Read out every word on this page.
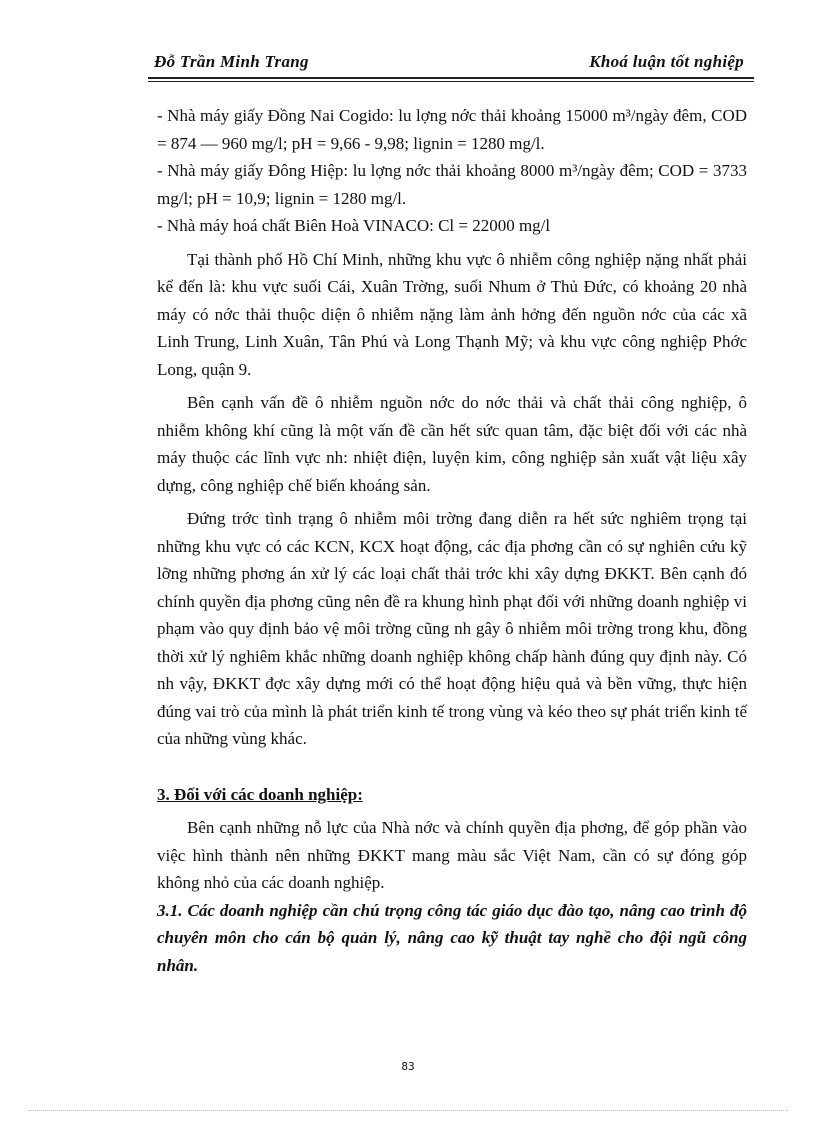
Đỗ Trần Minh Trang	Khoá luận tốt nghiệp

- Nhà máy giấy Đồng Nai Cogido: lu lợng nớc thải khoảng 15000 m³/ngày đêm, COD = 874 — 960 mg/l; pH = 9,66 - 9,98; lignin = 1280 mg/l.

- Nhà máy giấy Đông Hiệp: lu lợng nớc thải khoảng 8000 m³/ngày đêm; COD = 3733 mg/l; pH = 10,9; lignin = 1280 mg/l.

- Nhà máy hoá chất Biên Hoà VINACO: Cl = 22000 mg/l

Tại thành phố Hồ Chí Minh, những khu vực ô nhiễm công nghiệp nặng nhất phải kể đến là: khu vực suối Cái, Xuân Trờng, suối Nhum ở Thủ Đức, có khoảng 20 nhà máy có nớc thải thuộc diện ô nhiễm nặng làm ảnh hởng đến nguồn nớc của các xã Linh Trung, Linh Xuân, Tân Phú và Long Thạnh Mỹ; và khu vực công nghiệp Phớc Long, quận 9.

Bên cạnh vấn đề ô nhiễm nguồn nớc do nớc thải và chất thải công nghiệp, ô nhiễm không khí cũng là một vấn đề cần hết sức quan tâm, đặc biệt đối với các nhà máy thuộc các lĩnh vực nh: nhiệt điện, luyện kim, công nghiệp sản xuất vật liệu xây dựng, công nghiệp chế biến khoáng sản.

Đứng trớc tình trạng ô nhiễm môi trờng đang diễn ra hết sức nghiêm trọng tại những khu vực có các KCN, KCX hoạt động, các địa phơng cần có sự nghiên cứu kỹ lỡng những phơng án xử lý các loại chất thải trớc khi xây dựng ĐKKT. Bên cạnh đó chính quyền địa phơng cũng nên đề ra khung hình phạt đối với những doanh nghiệp vi phạm vào quy định bảo vệ môi trờng cũng nh gây ô nhiễm môi trờng trong khu, đồng thời xử lý nghiêm khắc những doanh nghiệp không chấp hành đúng quy định này. Có nh vậy, ĐKKT đợc xây dựng mới có thể hoạt động hiệu quả và bền vững, thực hiện đúng vai trò của mình là phát triển kinh tế trong vùng và kéo theo sự phát triển kinh tế của những vùng khác.

3. Đối với các doanh nghiệp:

Bên cạnh những nỗ lực của Nhà nớc và chính quyền địa phơng, để góp phần vào việc hình thành nên những ĐKKT mang màu sắc Việt Nam, cần có sự đóng góp không nhỏ của các doanh nghiệp.

3.1. Các doanh nghiệp cần chú trọng công tác giáo dục đào tạo, nâng cao trình độ chuyên môn cho cán bộ quản lý, nâng cao kỹ thuật tay nghề cho đội ngũ công nhân.

83
